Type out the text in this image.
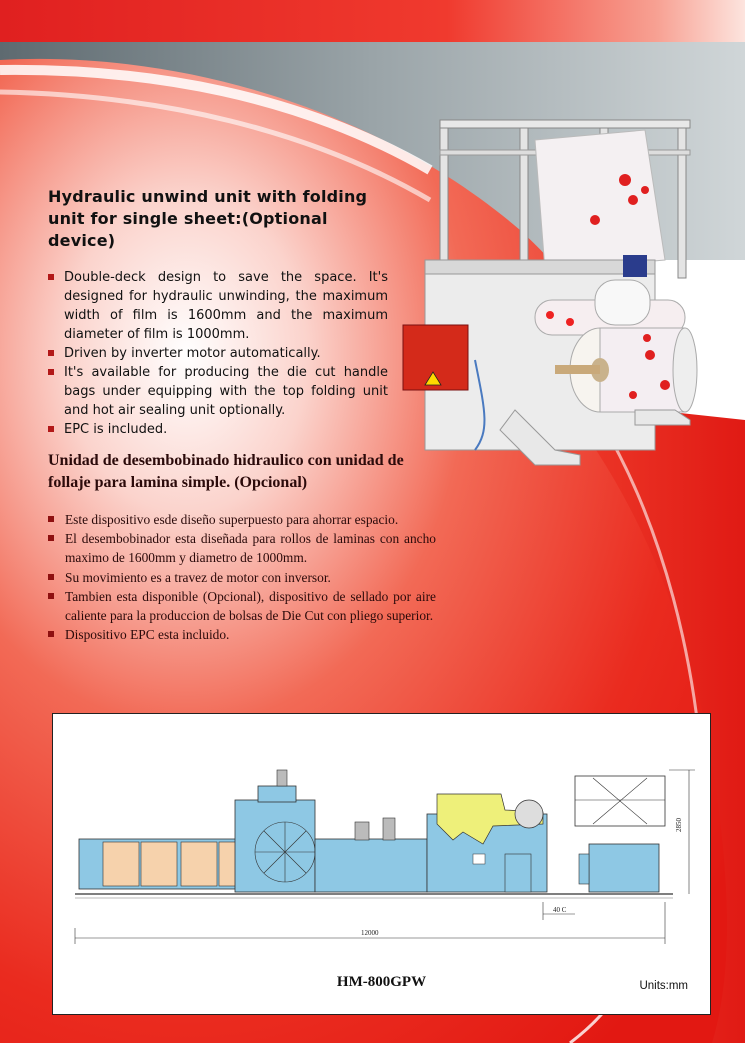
Hydraulic unwind unit with folding unit for single sheet:(Optional device)
Double-deck design to save the space. It's designed for hydraulic unwinding, the maximum width of film is 1600mm and the maximum diameter of film is 1000mm.
Driven by inverter motor automatically.
It's available for producing the die cut handle bags under equipping with the top folding unit and hot air sealing unit optionally.
EPC is included.
Unidad de desembobinado hidraulico con unidad de follaje para lamina simple. (Opcional)
Este dispositivo esde diseño superpuesto para ahorrar espacio.
El desembobinador esta diseñada para rollos de laminas con ancho maximo de 1600mm y diametro de 1000mm.
Su movimiento es a travez de motor con inversor.
Tambien esta disponible (Opcional), dispositivo de sellado por aire caliente para la produccion de bolsas de Die Cut con pliego superior.
Dispositivo EPC esta incluido.
12000
2850
40 C
HM-800GPW	Units:mm
